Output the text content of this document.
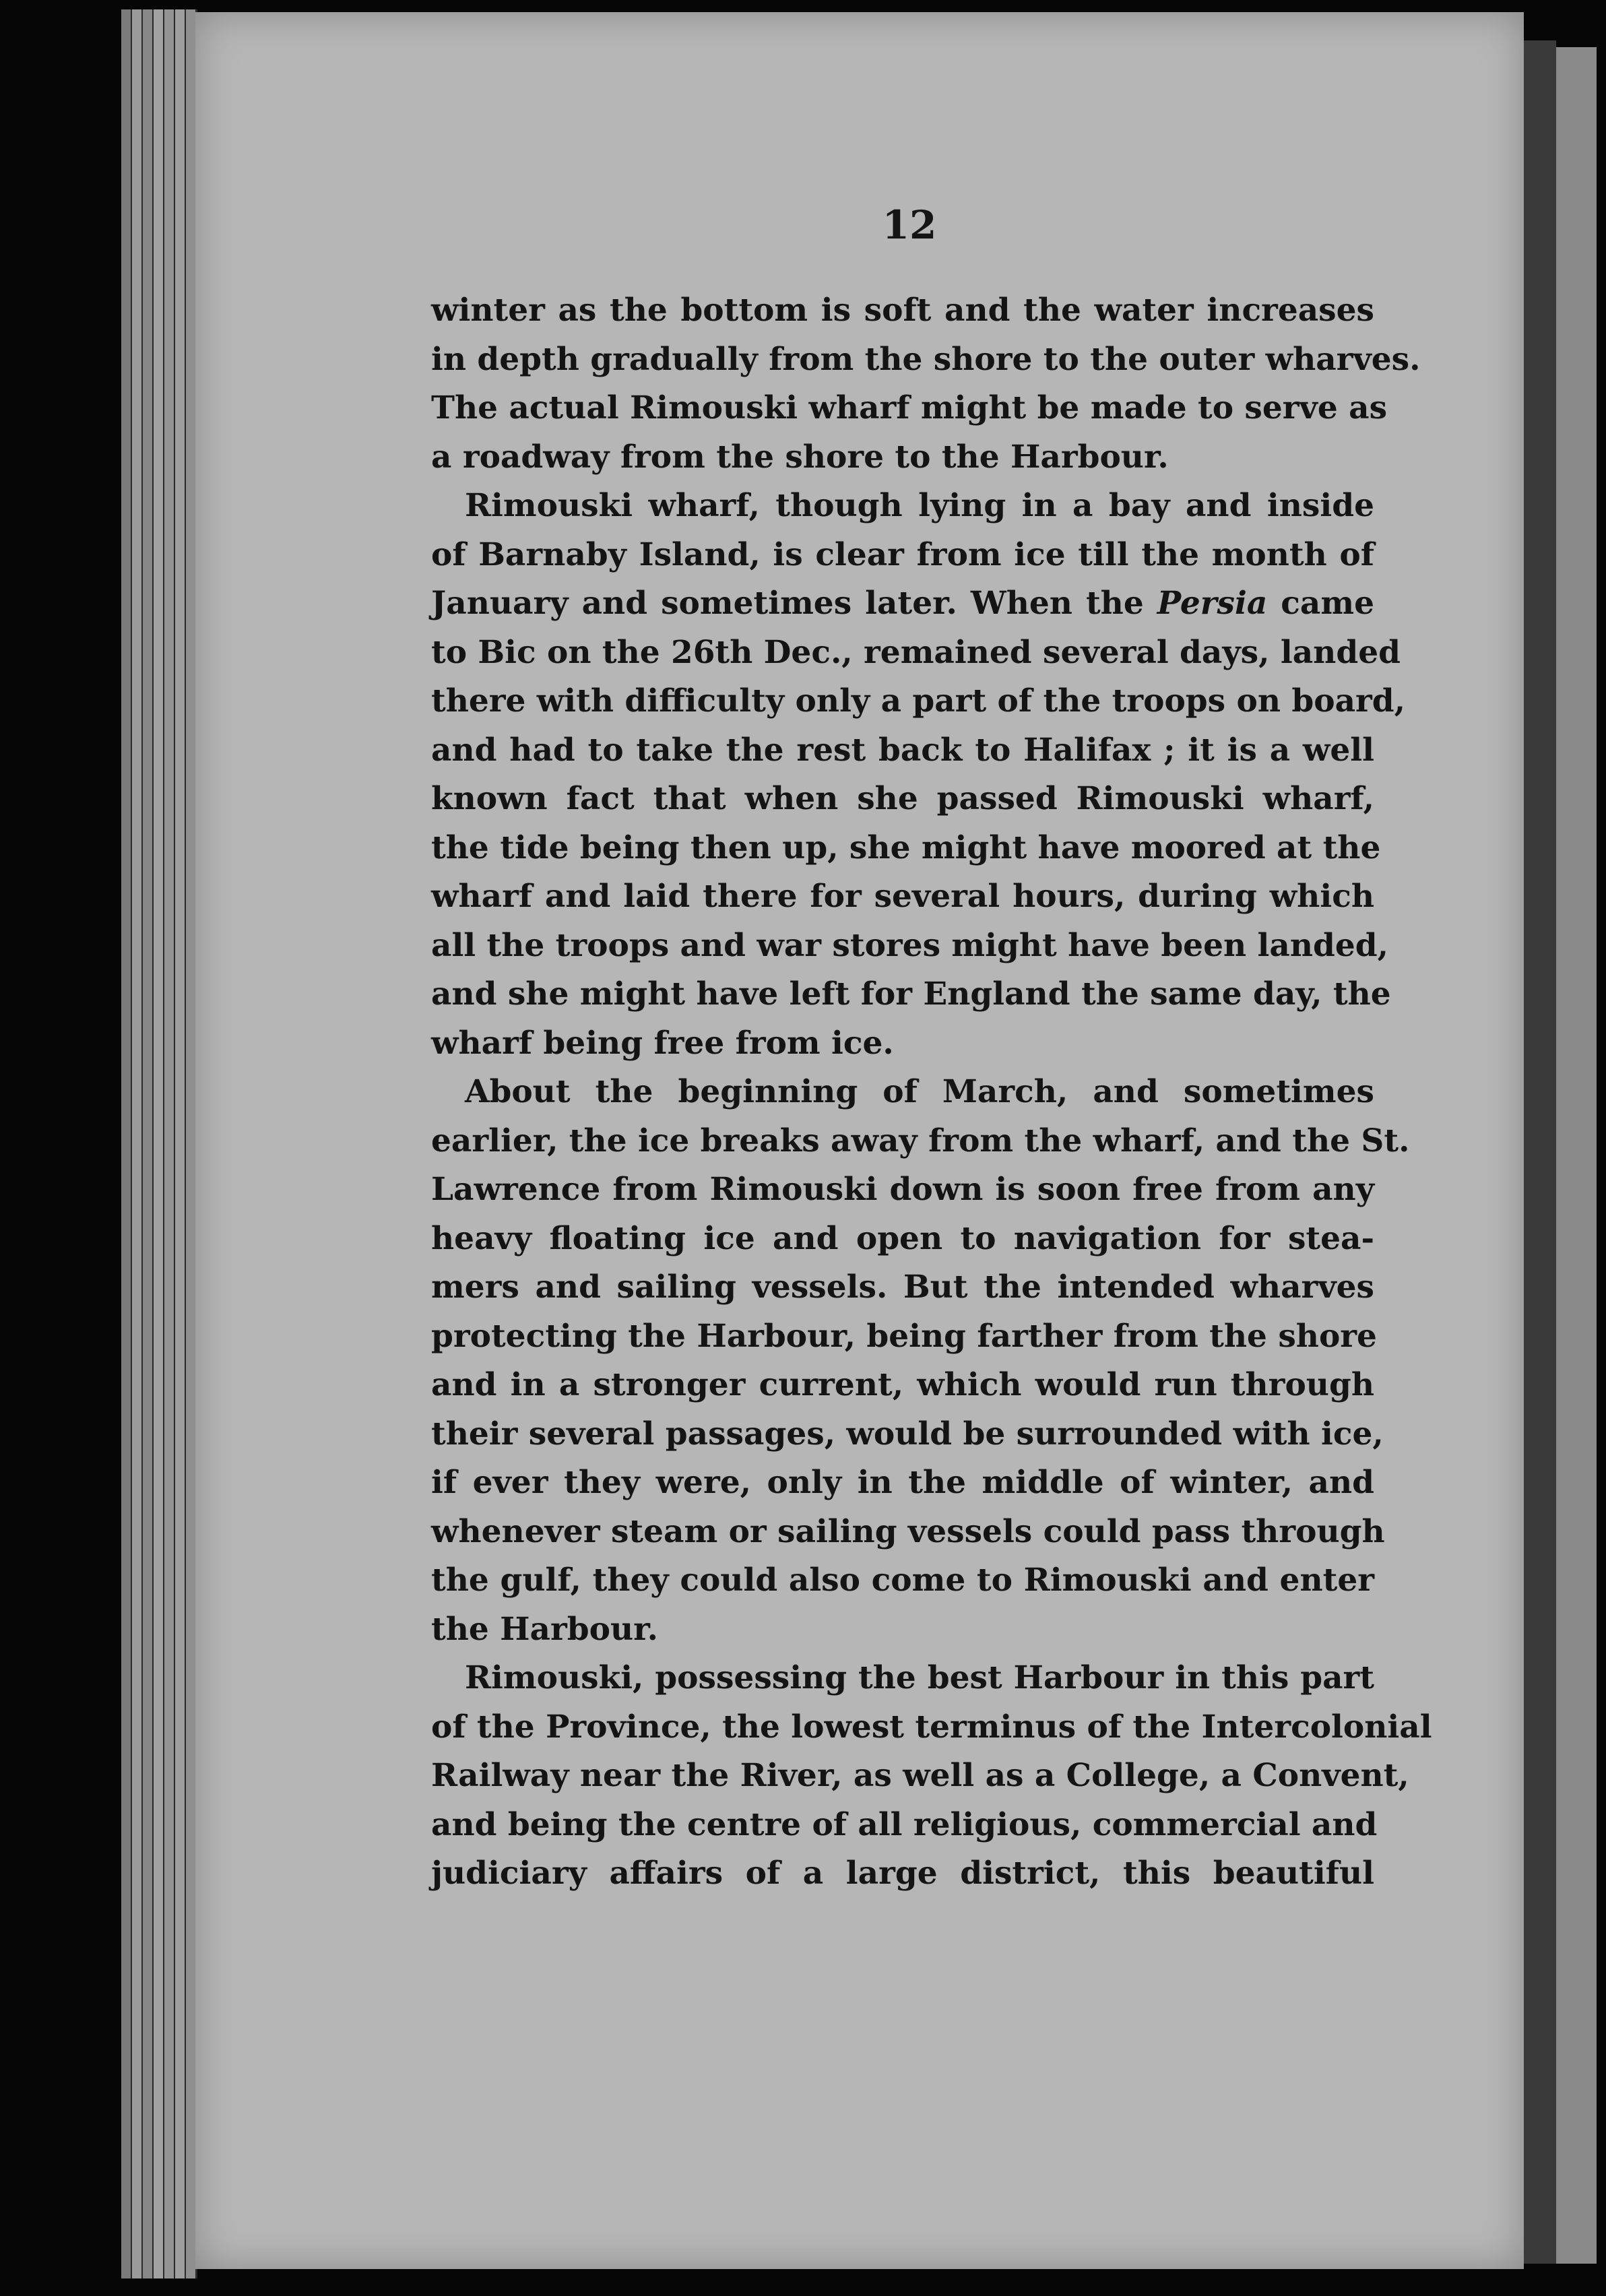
12
winter as the bottom is soft and the water increases
in depth gradually from the shore to the outer wharves.
The actual Rimouski wharf might be made to serve as
a roadway from the shore to the Harbour.
Rimouski wharf, though lying in a bay and inside
of Barnaby Island, is clear from ice till the month of
January and sometimes later. When the Persia came
to Bic on the 26th Dec., remained several days, landed
there with difficulty only a part of the troops on board,
and had to take the rest back to Halifax ; it is a well
known fact that when she passed Rimouski wharf,
the tide being then up, she might have moored at the
wharf and laid there for several hours, during which
all the troops and war stores might have been landed,
and she might have left for England the same day, the
wharf being free from ice.
About the beginning of March, and sometimes
earlier, the ice breaks away from the wharf, and the St.
Lawrence from Rimouski down is soon free from any
heavy floating ice and open to navigation for stea-
mers and sailing vessels. But the intended wharves
protecting the Harbour, being farther from the shore
and in a stronger current, which would run through
their several passages, would be surrounded with ice,
if ever they were, only in the middle of winter, and
whenever steam or sailing vessels could pass through
the gulf, they could also come to Rimouski and enter
the Harbour.
Rimouski, possessing the best Harbour in this part
of the Province, the lowest terminus of the Intercolonial
Railway near the River, as well as a College, a Convent,
and being the centre of all religious, commercial and
judiciary affairs of a large district, this beautiful
